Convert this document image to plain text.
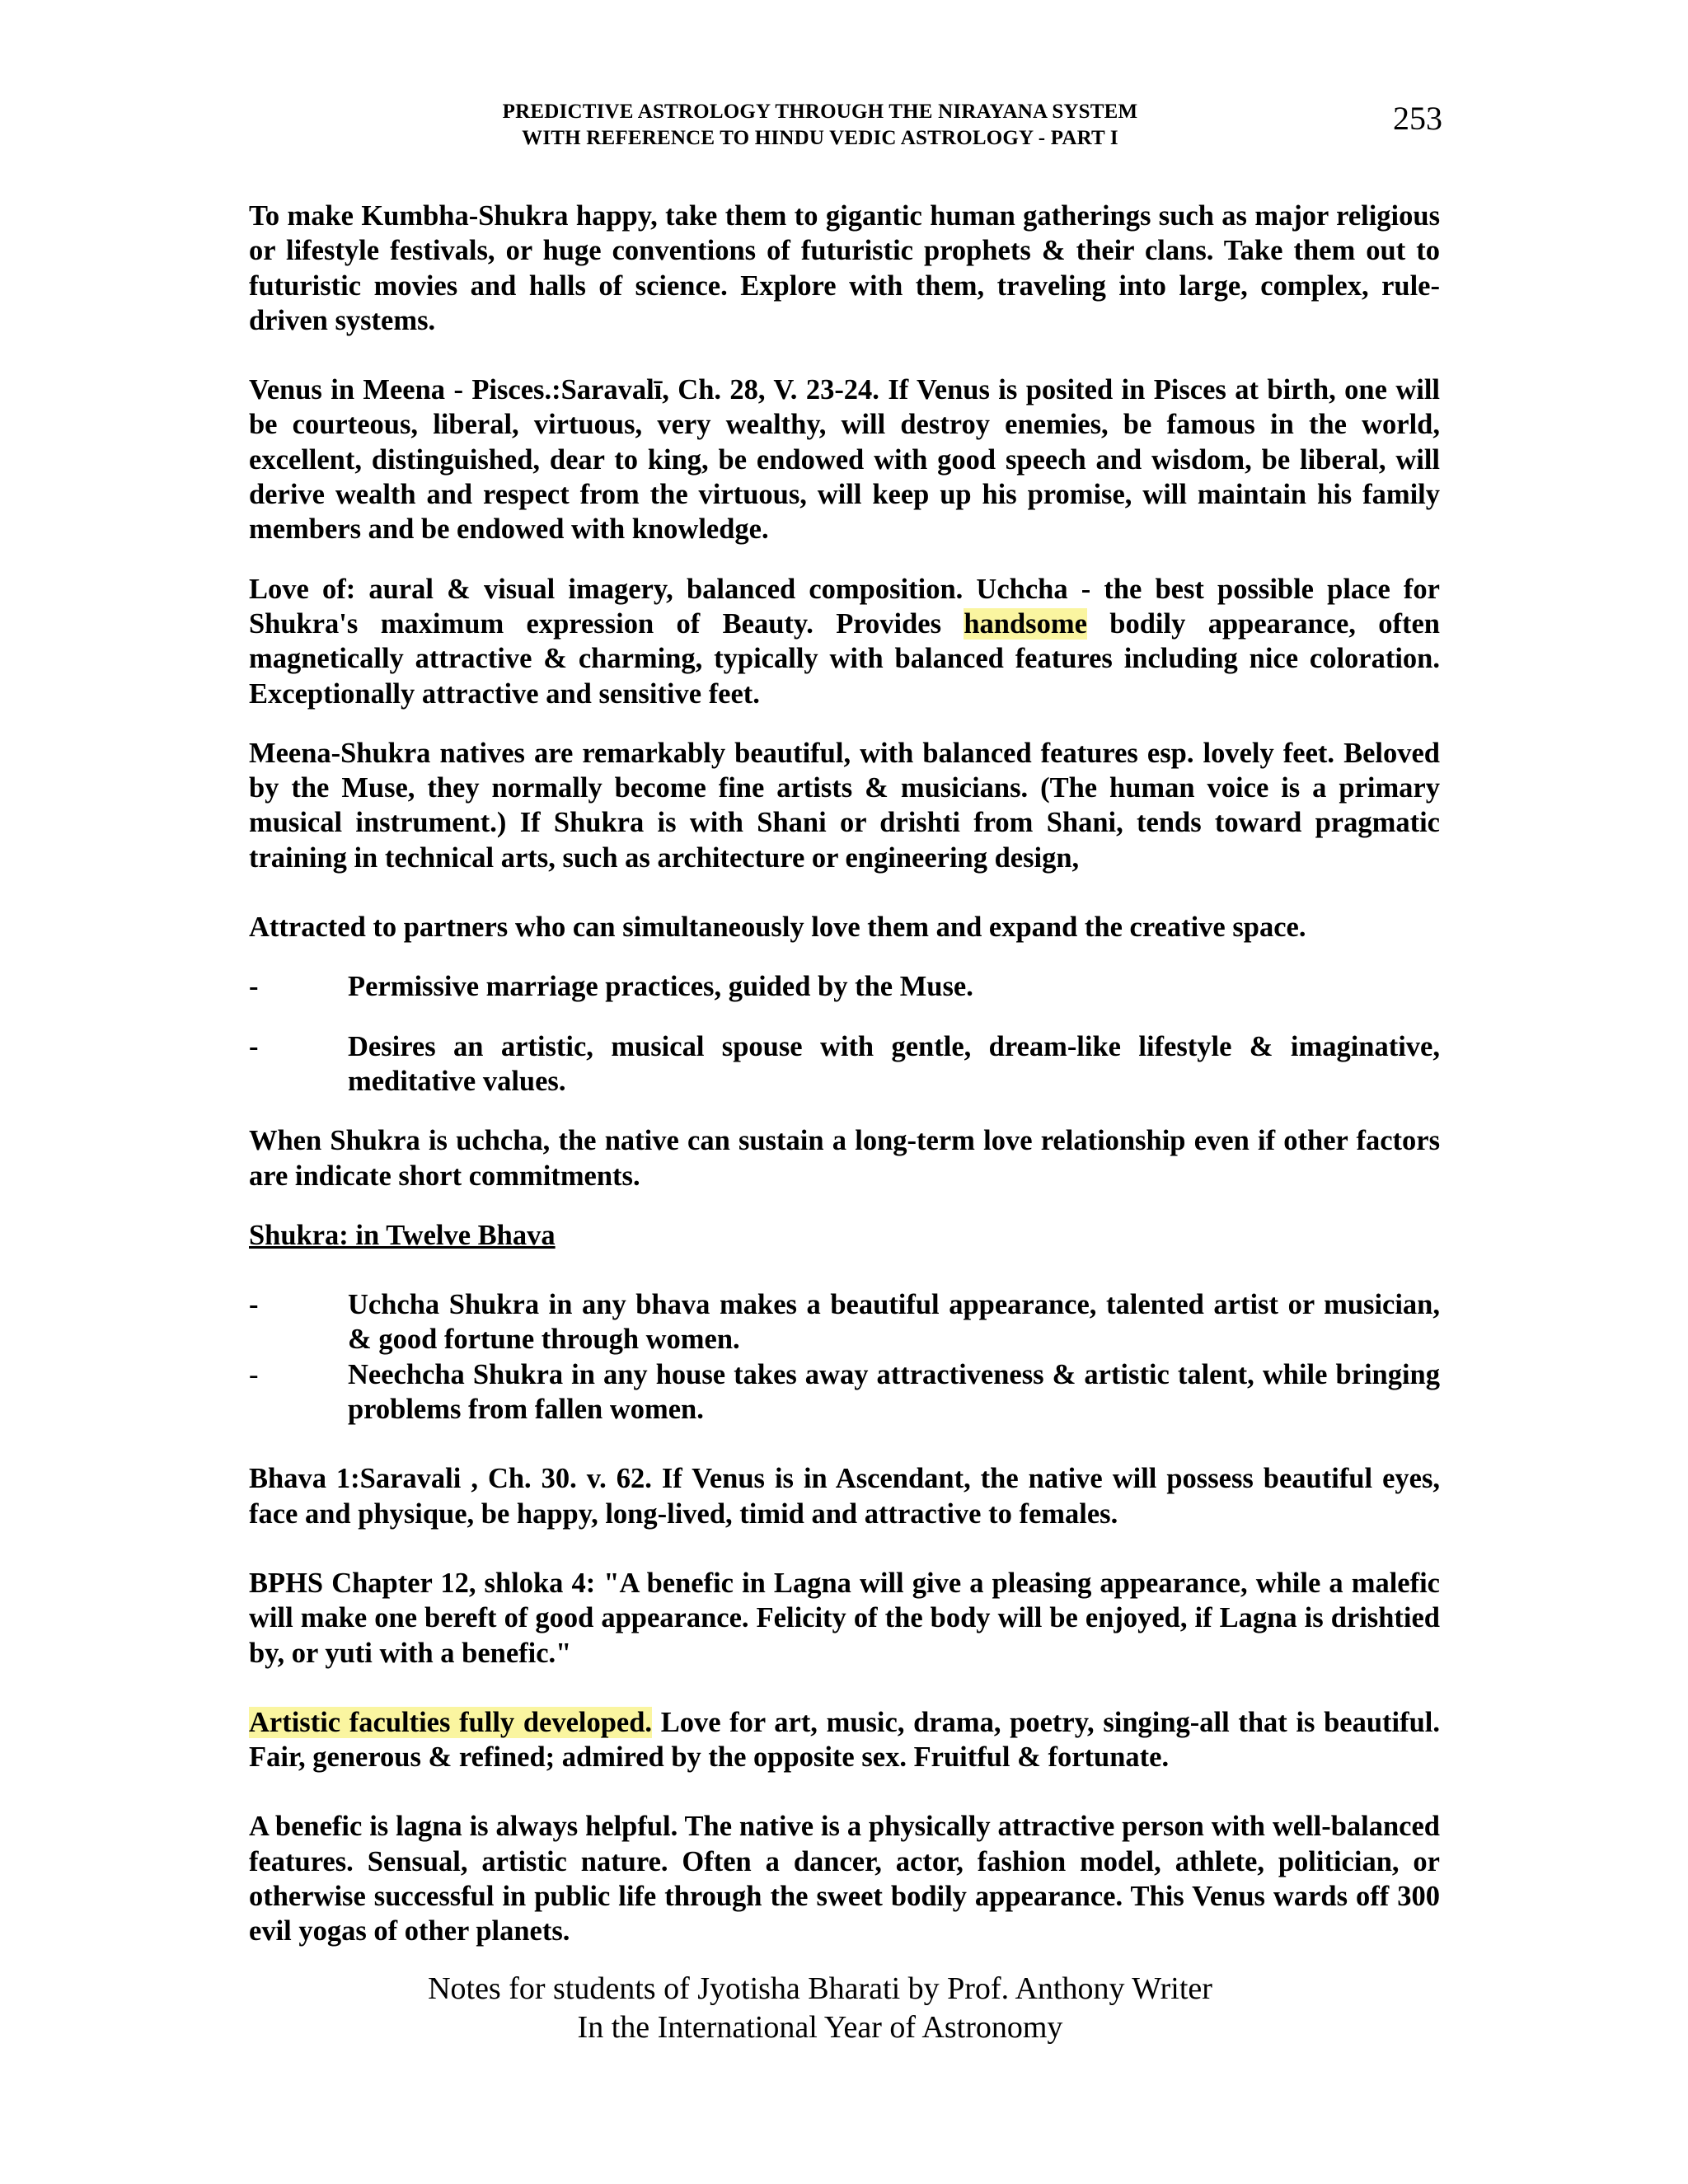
PREDICTIVE ASTROLOGY THROUGH THE NIRAYANA SYSTEM
WITH REFERENCE TO HINDU VEDIC ASTROLOGY - PART I
253

To make Kumbha-Shukra happy, take them to gigantic human gatherings such as major religious or lifestyle festivals, or huge conventions of futuristic prophets & their clans. Take them out to futuristic movies and halls of science. Explore with them, traveling into large, complex, rule-driven systems.

Venus in Meena - Pisces.:Saravalī, Ch. 28, V. 23-24. If Venus is posited in Pisces at birth, one will be courteous, liberal, virtuous, very wealthy, will destroy enemies, be famous in the world, excellent, distinguished, dear to king, be endowed with good speech and wisdom, be liberal, will derive wealth and respect from the virtuous, will keep up his promise, will maintain his family members and be endowed with knowledge.

Love of: aural & visual imagery, balanced composition. Uchcha - the best possible place for Shukra's maximum expression of Beauty. Provides handsome bodily appearance, often magnetically attractive & charming, typically with balanced features including nice coloration. Exceptionally attractive and sensitive feet.

Meena-Shukra natives are remarkably beautiful, with balanced features esp. lovely feet. Beloved by the Muse, they normally become fine artists & musicians. (The human voice is a primary musical instrument.) If Shukra is with Shani or drishti from Shani, tends toward pragmatic training in technical arts, such as architecture or engineering design,

Attracted to partners who can simultaneously love them and expand the creative space.

-	Permissive marriage practices, guided by the Muse.
-	Desires an artistic, musical spouse with gentle, dream-like lifestyle & imaginative, meditative values.

When Shukra is uchcha, the native can sustain a long-term love relationship even if other factors are indicate short commitments.

Shukra: in Twelve Bhava

-	Uchcha Shukra in any bhava makes a beautiful appearance, talented artist or musician, & good fortune through women.
-	Neechcha Shukra in any house takes away attractiveness & artistic talent, while bringing problems from fallen women.

Bhava 1:Saravali , Ch. 30. v. 62. If Venus is in Ascendant, the native will possess beautiful eyes, face and physique, be happy, long-lived, timid and attractive to females.

BPHS Chapter 12, shloka 4: "A benefic in Lagna will give a pleasing appearance, while a malefic will make one bereft of good appearance. Felicity of the body will be enjoyed, if Lagna is drishtied by, or yuti with a benefic."

Artistic faculties fully developed. Love for art, music, drama, poetry, singing-all that is beautiful. Fair, generous & refined; admired by the opposite sex. Fruitful & fortunate.

A benefic is lagna is always helpful. The native is a physically attractive person with well-balanced features. Sensual, artistic nature. Often a dancer, actor, fashion model, athlete, politician, or otherwise successful in public life through the sweet bodily appearance. This Venus wards off 300 evil yogas of other planets.

Notes for students of Jyotisha Bharati by Prof. Anthony Writer
In the International Year of Astronomy
